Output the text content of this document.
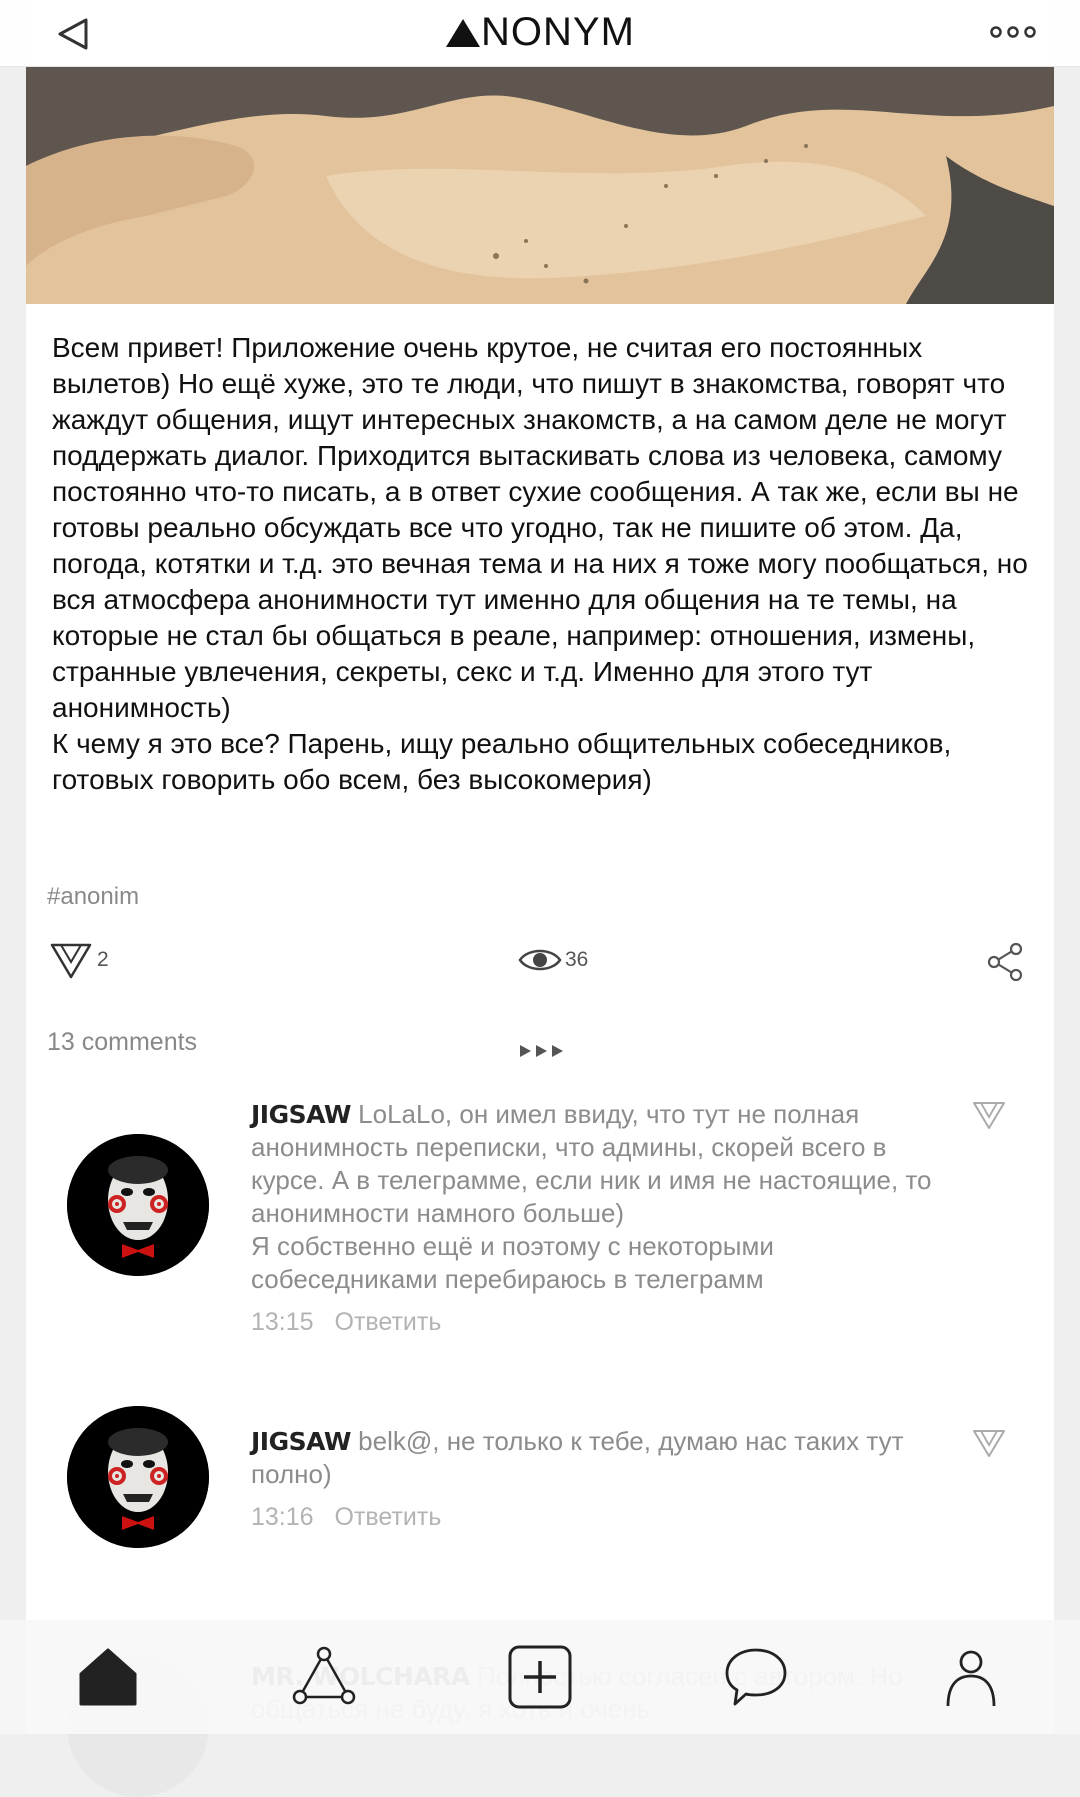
NONYM
Всем привет! Приложение очень крутое, не считая его постоянных вылетов) Но ещё хуже, это те люди, что пишут в знакомства, говорят что жаждут общения, ищут интересных знакомств, а на самом деле не могут поддержать диалог. Приходится вытаскивать слова из человека, самому постоянно что-то писать, а в ответ сухие сообщения. А так же, если вы не готовы реально обсуждать все что угодно, так не пишите об этом. Да, погода, котятки и т.д. это вечная тема и на них я тоже могу пообщаться, но вся атмосфера анонимности тут именно для общения на те темы, на которые не стал бы общаться в реале, например: отношения, измены, странные увлечения, секреты, секс и т.д. Именно для этого тут анонимность)
К чему я это все? Парень, ищу реально общительных собеседников, готовых говорить обо всем, без высокомерия)
#anonim
2	36
13 comments
JIGSAW LoLaLo, он имел ввиду, что тут не полная анонимность переписки, что админы, скорей всего в курсе. А в телеграмме, если ник и имя не настоящие, то анонимности намного больше)
Я собственно ещё и поэтому с некоторыми собеседниками перебираюсь в телеграмм
13:15 Ответить
JIGSAW belk@, не только к тебе, думаю нас таких тут полно)
13:16 Ответить
